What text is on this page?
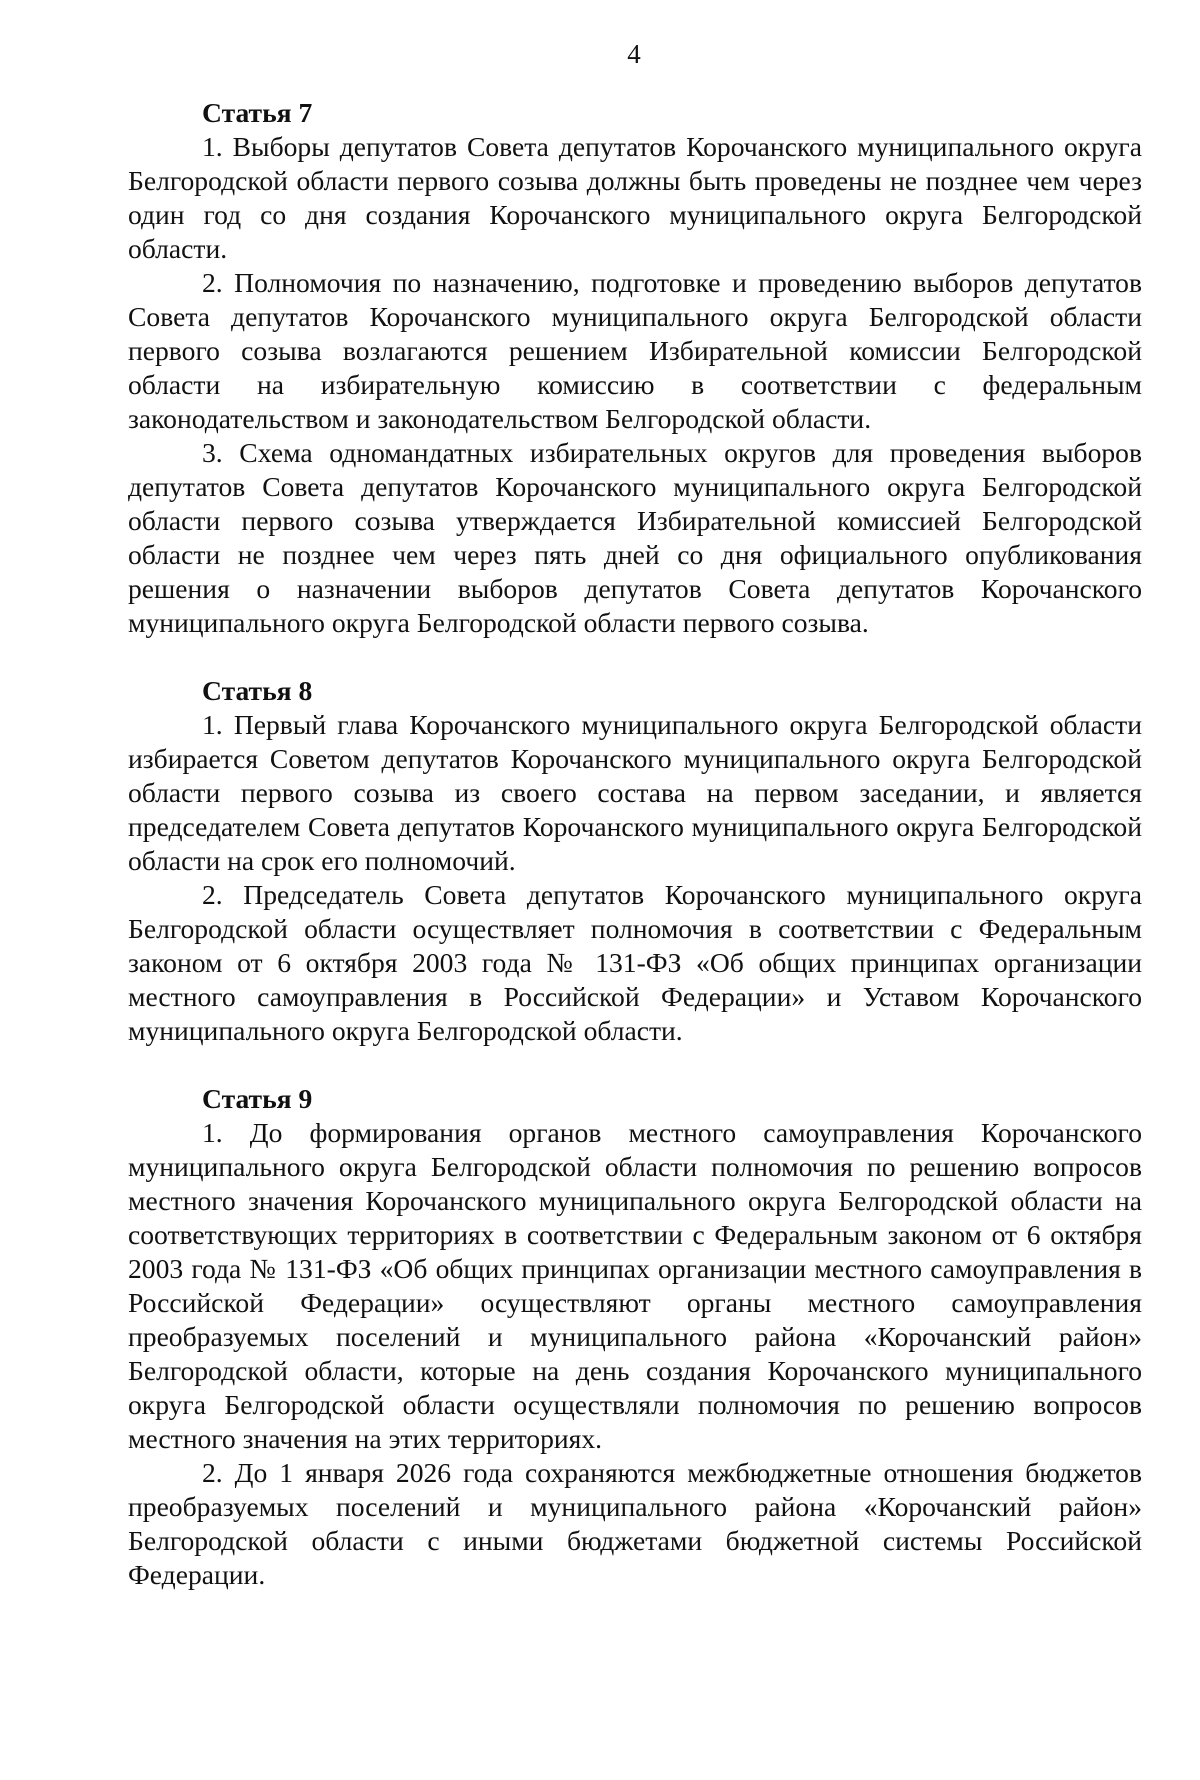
4
Статья 7

1. Выборы депутатов Совета депутатов Корочанского муниципального округа Белгородской области первого созыва должны быть проведены не позднее чем через один год со дня создания Корочанского муниципального округа Белгородской области.

2. Полномочия по назначению, подготовке и проведению выборов депутатов Совета депутатов Корочанского муниципального округа Белгородской области первого созыва возлагаются решением Избирательной комиссии Белгородской области на избирательную комиссию в соответствии с федеральным законодательством и законодательством Белгородской области.

3. Схема одномандатных избирательных округов для проведения выборов депутатов Совета депутатов Корочанского муниципального округа Белгородской области первого созыва утверждается Избирательной комиссией Белгородской области не позднее чем через пять дней со дня официального опубликования решения о назначении выборов депутатов Совета депутатов Корочанского муниципального округа Белгородской области первого созыва.

Статья 8

1. Первый глава Корочанского муниципального округа Белгородской области избирается Советом депутатов Корочанского муниципального округа Белгородской области первого созыва из своего состава на первом заседании, и является председателем Совета депутатов Корочанского муниципального округа Белгородской области на срок его полномочий.

2. Председатель Совета депутатов Корочанского муниципального округа Белгородской области осуществляет полномочия в соответствии с Федеральным законом от 6 октября 2003 года № 131-ФЗ «Об общих принципах организации местного самоуправления в Российской Федерации» и Уставом Корочанского муниципального округа Белгородской области.

Статья 9

1. До формирования органов местного самоуправления Корочанского муниципального округа Белгородской области полномочия по решению вопросов местного значения Корочанского муниципального округа Белгородской области на соответствующих территориях в соответствии с Федеральным законом от 6 октября 2003 года № 131-ФЗ «Об общих принципах организации местного самоуправления в Российской Федерации» осуществляют органы местного самоуправления преобразуемых поселений и муниципального района «Корочанский район» Белгородской области, которые на день создания Корочанского муниципального округа Белгородской области осуществляли полномочия по решению вопросов местного значения на этих территориях.

2. До 1 января 2026 года сохраняются межбюджетные отношения бюджетов преобразуемых поселений и муниципального района «Корочанский район» Белгородской области с иными бюджетами бюджетной системы Российской Федерации.
